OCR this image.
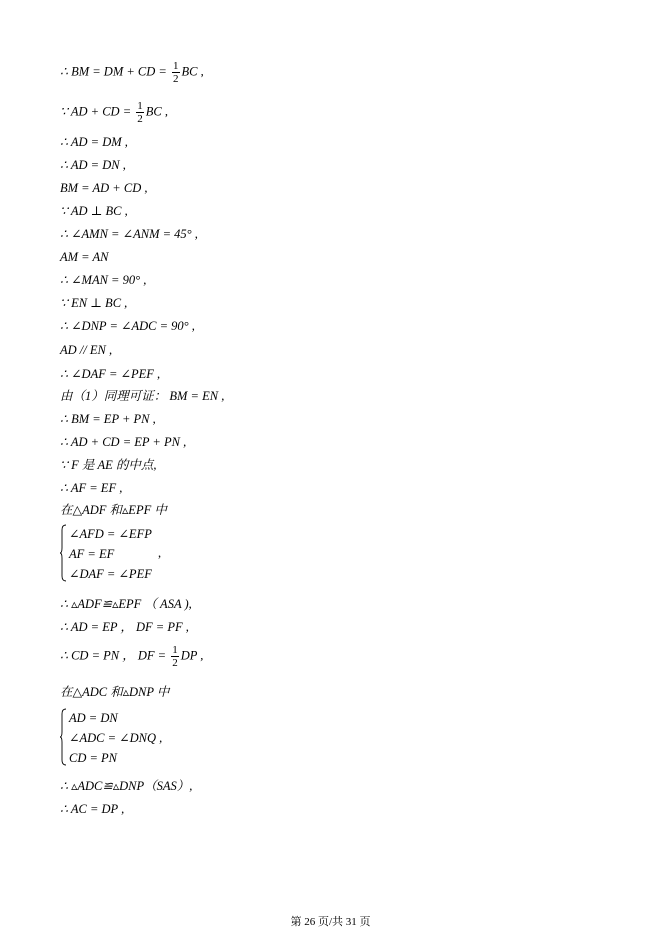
∴ BM = DM + CD = $\frac{1}{2}$ BC ,
∵ AD + CD = $\frac{1}{2}$ BC ,
∴ AD = DM ,
∴ AD = DN ,
BM = AD + CD ,
∵ AD ⊥ BC ,
∴ ∠AMN = ∠ANM = 45° ,
AM = AN
∴ ∠MAN = 90° ,
∵ EN ⊥ BC ,
∴ ∠DNP = ∠ADC = 90° ,
AD // EN ,
∴ ∠DAF = ∠PEF ,
由（1）同理可证： BM = EN ,
∴ BM = EP + PN ,
∴ AD + CD = EP + PN ,
∵ F 是 AE 的中点,
∴ AF = EF ,
在△ADF 和▵EPF 中
∠AFD = ∠EFP
AF = EF
∠DAF = ∠PEF
,
∴ ▵ADF≌▵EPF （ ASA ),
∴ AD = EP ， DF = PF ,
∴ CD = PN ， DF = $\frac{1}{2}$ DP ,
在△ADC 和▵DNP 中
AD = DN
∠ADC = ∠DNQ ,
CD = PN
∴ ▵ADC≌▵DNP（SAS）,
∴ AC = DP ,
第 26 页/共 31 页
